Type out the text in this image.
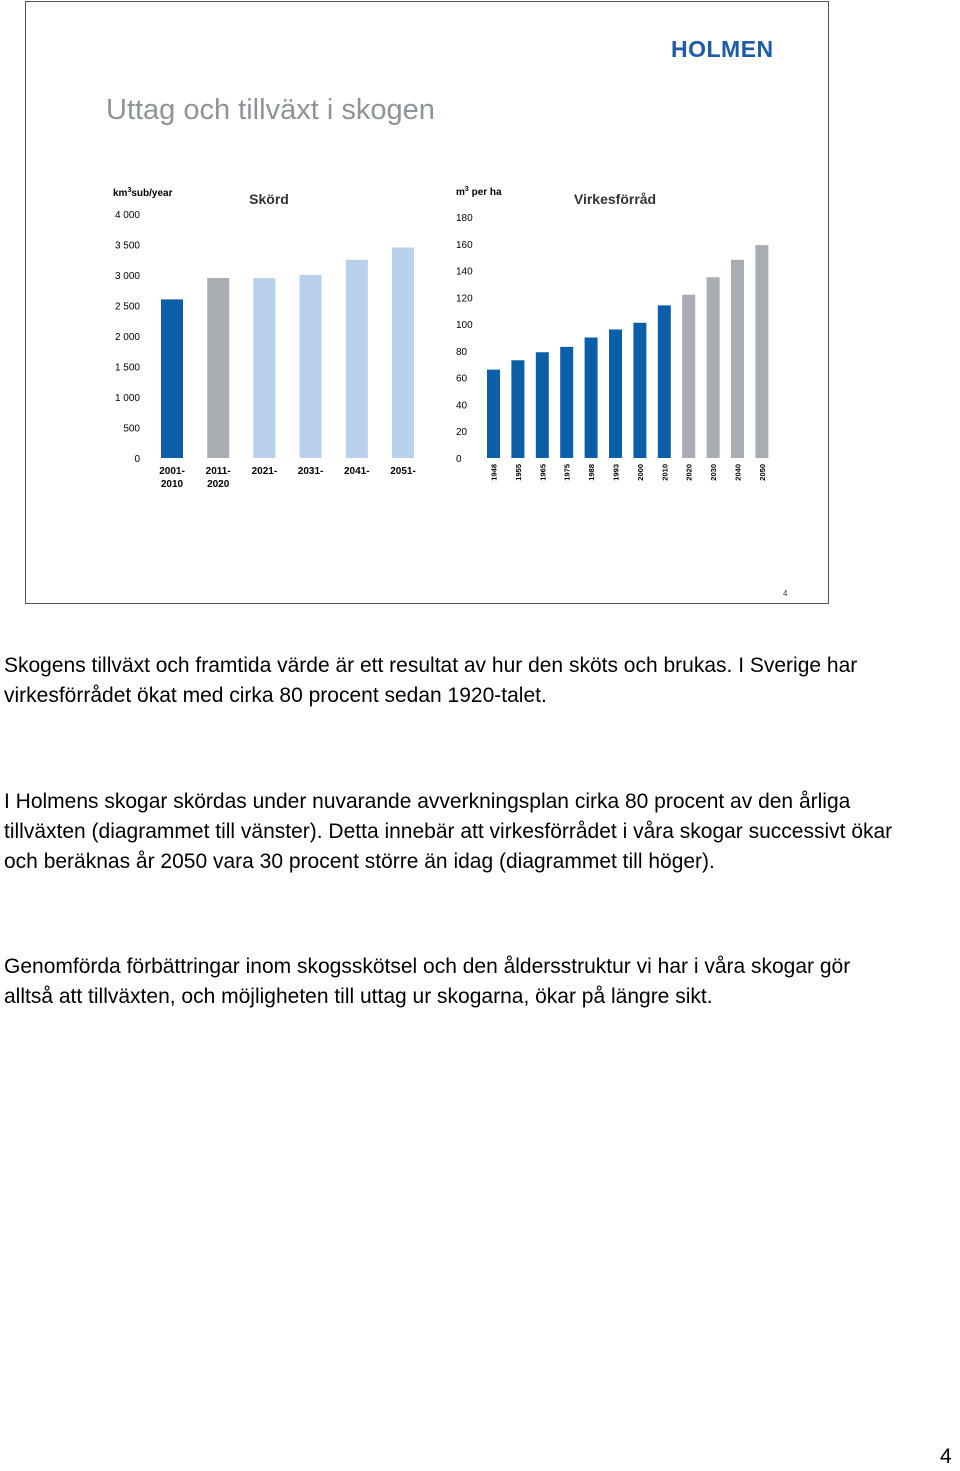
HOLMEN
Uttag och tillväxt i skogen
4
$km^3sub$/year	Skörd
0
500
1 000
1 500
2 000
2 500
3 000
3 500
4 000
2001-2010
2011-2020
2021- 2031- 2041- 2051-
$m^3$ per ha	Virkesförråd
0
20
40
60
80
100
120
140
160
180
1948 1955 1965 1975 1988 1993 2000 2010 2020 2030 2040 2050

Skogens tillväxt och framtida värde är ett resultat av hur den sköts och brukas. I Sverige har virkesförrådet ökat med cirka 80 procent sedan 1920-talet.

I Holmens skogar skördas under nuvarande avverkningsplan cirka 80 procent av den årliga tillväxten (diagrammet till vänster). Detta innebär att virkesförrådet i våra skogar successivt ökar och beräknas år 2050 vara 30 procent större än idag (diagrammet till höger).

Genomförda förbättringar inom skogsskötsel och den åldersstruktur vi har i våra skogar gör alltså att tillväxten, och möjligheten till uttag ur skogarna, ökar på längre sikt.

4
